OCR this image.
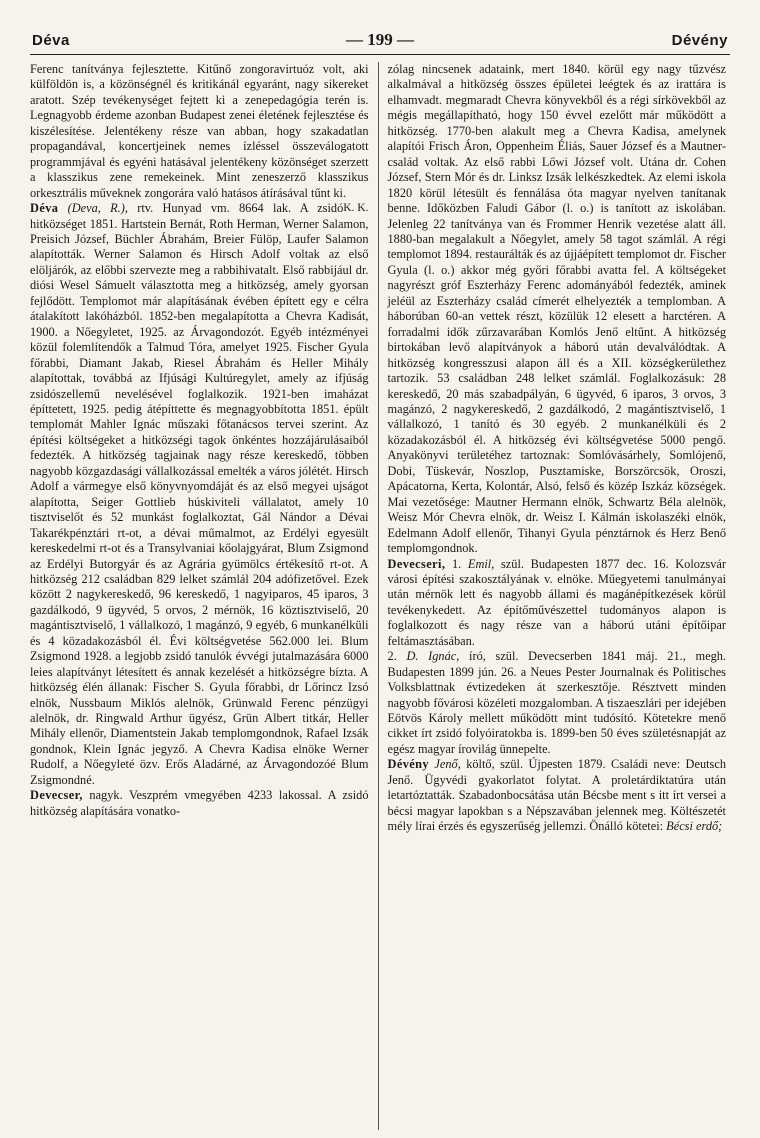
Déva	— 199 —	Dévény

Ferenc tanítványa fejlesztette. Kitűnő zongoravirtuóz volt, aki külföldön is, a közönségnél és kritikánál egyaránt, nagy sikereket aratott. Szép tevékenységet fejtett ki a zenepedagógia terén is. Legnagyobb érdeme azonban Budapest zenei életének fejlesztése és kiszélesítése. Jelentékeny része van abban, hogy szakadatlan propagandával, koncertjeinek nemes ízléssel összeválogatott programmjával és egyéni hatásával jelentékeny közönséget szerzett a klasszikus zene remekeinek. Mint zeneszerző klasszikus orkesztrális műveknek zongorára való hatásos átírásával tűnt ki.
K. K.

Déva (Deva, R.), rtv. Hunyad vm. 8664 lak. A zsidó hitközséget 1851. Hartstein Bernát, Roth Herman, Werner Salamon, Preisich József, Büchler Ábrahám, Breier Fülöp, Laufer Salamon alapították. Werner Salamon és Hirsch Adolf voltak az első elöljárók, az előbbi szervezte meg a rabbihivatalt. Első rabbijául dr. diósi Wesel Sámuelt választotta meg a hitközség, amely gyorsan fejlődött. Templomot már alapításának évében épített egy e célra átalakított lakóházból. 1852-ben megalapította a Chevra Kadisát, 1900. a Nőegyletet, 1925. az Árvagondozót. Egyéb intézményei közül folemlítendők a Talmud Tóra, amelyet 1925. Fischer Gyula főrabbi, Diamant Jakab, Riesel Ábrahám és Heller Mihály alapítottak, továbbá az Ifjúsági Kultúregylet, amely az ifjúság zsidószellemű nevelésével foglalkozik. 1921-ben imaházat építtetett, 1925. pedig átépíttette és megnagyobbította 1851. épült templomát Mahler Ignác műszaki főtanácsos tervei szerint. Az építési költségeket a hitközségi tagok önkéntes hozzájárulásaiból fedezték. A hitközség tagjainak nagy része kereskedő, többen nagyobb közgazdasági vállalkozással emelték a város jólétét. Hirsch Adolf a vármegye első könyvnyomdáját és az első megyei ujságot alapította, Seiger Gottlieb húskiviteli vállalatot, amely 10 tisztviselőt és 52 munkást foglalkoztat, Gál Nándor a Dévai Takarékpénztári rt-ot, a dévai műmalmot, az Erdélyi egyesült kereskedelmi rt-ot és a Transylvaniai kőolajgyárat, Blum Zsigmond az Erdélyi Butorgyár és az Agrária gyümölcs értékesítő rt-ot. A hitközség 212 családban 829 lelket számlál 204 adófizetővel. Ezek között 2 nagykereskedő, 96 kereskedő, 1 nagyiparos, 45 iparos, 3 gazdálkodó, 9 ügyvéd, 5 orvos, 2 mérnök, 16 köztisztviselő, 20 magántisztviselő, 1 vállalkozó, 1 magánzó, 9 egyéb, 6 munkanélküli és 4 közadakozásból él. Évi költségvetése 562.000 lei. Blum Zsigmond 1928. a legjobb zsidó tanulók évvégi jutalmazására 6000 leies alapítványt létesített és annak kezelését a hitközségre bízta. A hitközség élén állanak: Fischer S. Gyula főrabbi, dr Lőrincz Izsó elnök, Nussbaum Miklós alelnök, Grünwald Ferenc pénzügyi alelnök, dr. Ringwald Arthur ügyész, Grün Albert titkár, Heller Mihály ellenőr, Diamentstein Jakab templomgondnok, Rafael Izsák gondnok, Klein Ignác jegyző. A Chevra Kadisa elnöke Werner Rudolf, a Nőegyleté özv. Erős Aladárné, az Árvagondozóé Blum Zsigmondné.

Devecser, nagyk. Veszprém vmegyében 4233 lakossal. A zsidó hitközség alapítására vonatko-

zólag nincsenek adataink, mert 1840. körül egy nagy tűzvész alkalmával a hitközség összes épületei leégtek és az irattára is elhamvadt. megmaradt Chevra könyvekből és a régi sírkövekből az mégis megállapítható, hogy 150 évvel ezelőtt már működött a hitközség. 1770-ben alakult meg a Chevra Kadisa, amelynek alapítói Frisch Áron, Oppenheim Éliás, Sauer József és a Mautner-család voltak. Az első rabbi Lőwi József volt. Utána dr. Cohen József, Stern Mór és dr. Linksz Izsák lelkészkedtek. Az elemi iskola 1820 körül létesült és fennálása óta magyar nyelven tanítanak benne. Időközben Faludi Gábor (l. o.) is tanított az iskolában. Jelenleg 22 tanítványa van és Frommer Henrik vezetése alatt áll. 1880-ban megalakult a Nőegylet, amely 58 tagot számlál. A régi templomot 1894. restaurálták és az újjáépített templomot dr. Fischer Gyula (l. o.) akkor még győri főrabbi avatta fel. A költségeket nagyrészt gróf Eszterházy Ferenc adományából fedezték, aminek jeléül az Eszterházy család címerét elhelyezték a templomban. A háborúban 60-an vettek részt, közülük 12 elesett a harctéren. A forradalmi idők zűrzavarában Komlós Jenő eltűnt. A hitközség birtokában levő alapítványok a háború után devalválódtak. A hitközség kongresszusi alapon áll és a XII. községkerülethez tartozik. 53 családban 248 lelket számlál. Foglalkozásuk: 28 kereskedő, 20 más szabadpályán, 6 ügyvéd, 6 iparos, 3 orvos, 3 magánzó, 2 nagykereskedő, 2 gazdálkodó, 2 magántisztviselő, 1 vállalkozó, 1 tanító és 30 egyéb. 2 munkanélküli és 2 közadakozásból él. A hitközség évi költségvetése 5000 pengő. Anyakönyvi területéhez tartoznak: Somlóvásárhely, Somlójenő, Dobi, Tüskevár, Noszlop, Pusztamiske, Borszörcsök, Oroszi, Apácatorna, Kerta, Kolontár, Alsó, felső és közép Iszkáz községek. Mai vezetősége: Mautner Hermann elnök, Schwartz Béla alelnök, Weisz Mór Chevra elnök, dr. Weisz I. Kálmán iskolaszéki elnök, Edelmann Adolf ellenőr, Tihanyi Gyula pénztárnok és Herz Benő templomgondnok.

Devecseri, 1. Emil, szül. Budapesten 1877 dec. 16. Kolozsvár városi építési szakosztályának v. elnöke. Műegyetemi tanulmányai után mérnök lett és nagyobb állami és magánépítkezések körül tevékenykedett. Az építőművészettel tudományos alapon is foglalkozott és nagy része van a háború utáni építőipar feltámasztásában.

2. D. Ignác, író, szül. Devecserben 1841 máj. 21., megh. Budapesten 1899 jún. 26. a Neues Pester Journalnak és Politisches Volksblattnak évtizedeken át szerkesztője. Résztvett minden nagyobb fővárosi közéleti mozgalomban. A tiszaeszlári per idejében Eötvös Károly mellett működött mint tudósító. Kötetekre menő cikket írt zsidó folyóiratokba is. 1899-ben 50 éves születésnapját az egész magyar írovilág ünnepelte.

Dévény Jenő, költő, szül. Újpesten 1879. Családi neve: Deutsch Jenő. Ügyvédi gyakorlatot folytat. A proletárdiktatúra után letartóztatták. Szabadonbocsátása után Bécsbe ment s itt írt versei a bécsi magyar lapokban s a Népszavában jelennek meg. Költészetét mély lírai érzés és egyszerűség jellemzi. Önálló kötetei: Bécsi erdő;
